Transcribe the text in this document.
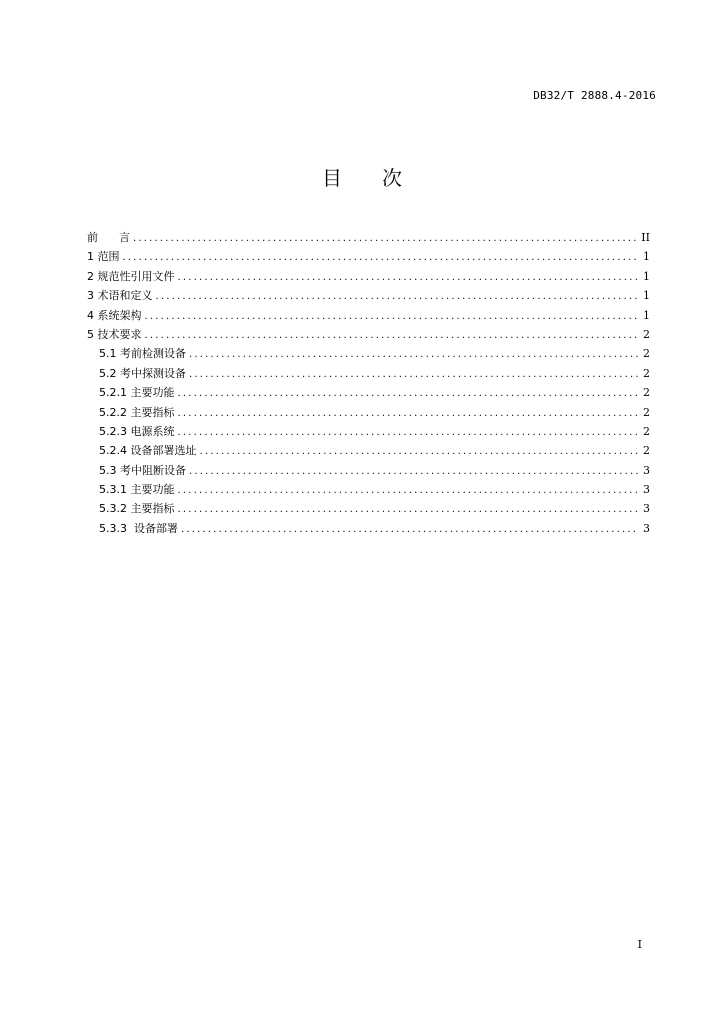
DB32/T 2888.4-2016
目 次
前      言 .....	II
1 范围 .....	1
2 规范性引用文件 .....	1
3 术语和定义 .....	1
4 系统架构 .....	1
5 技术要求 .....	2
5.1 考前检测设备 .....	2
5.2 考中探测设备 .....	2
5.2.1 主要功能 .....	2
5.2.2 主要指标 .....	2
5.2.3 电源系统 .....	2
5.2.4 设备部署选址 .....	2
5.3 考中阻断设备 .....	3
5.3.1 主要功能 .....	3
5.3.2 主要指标 .....	3
5.3.3  设备部署 .....	3
I
